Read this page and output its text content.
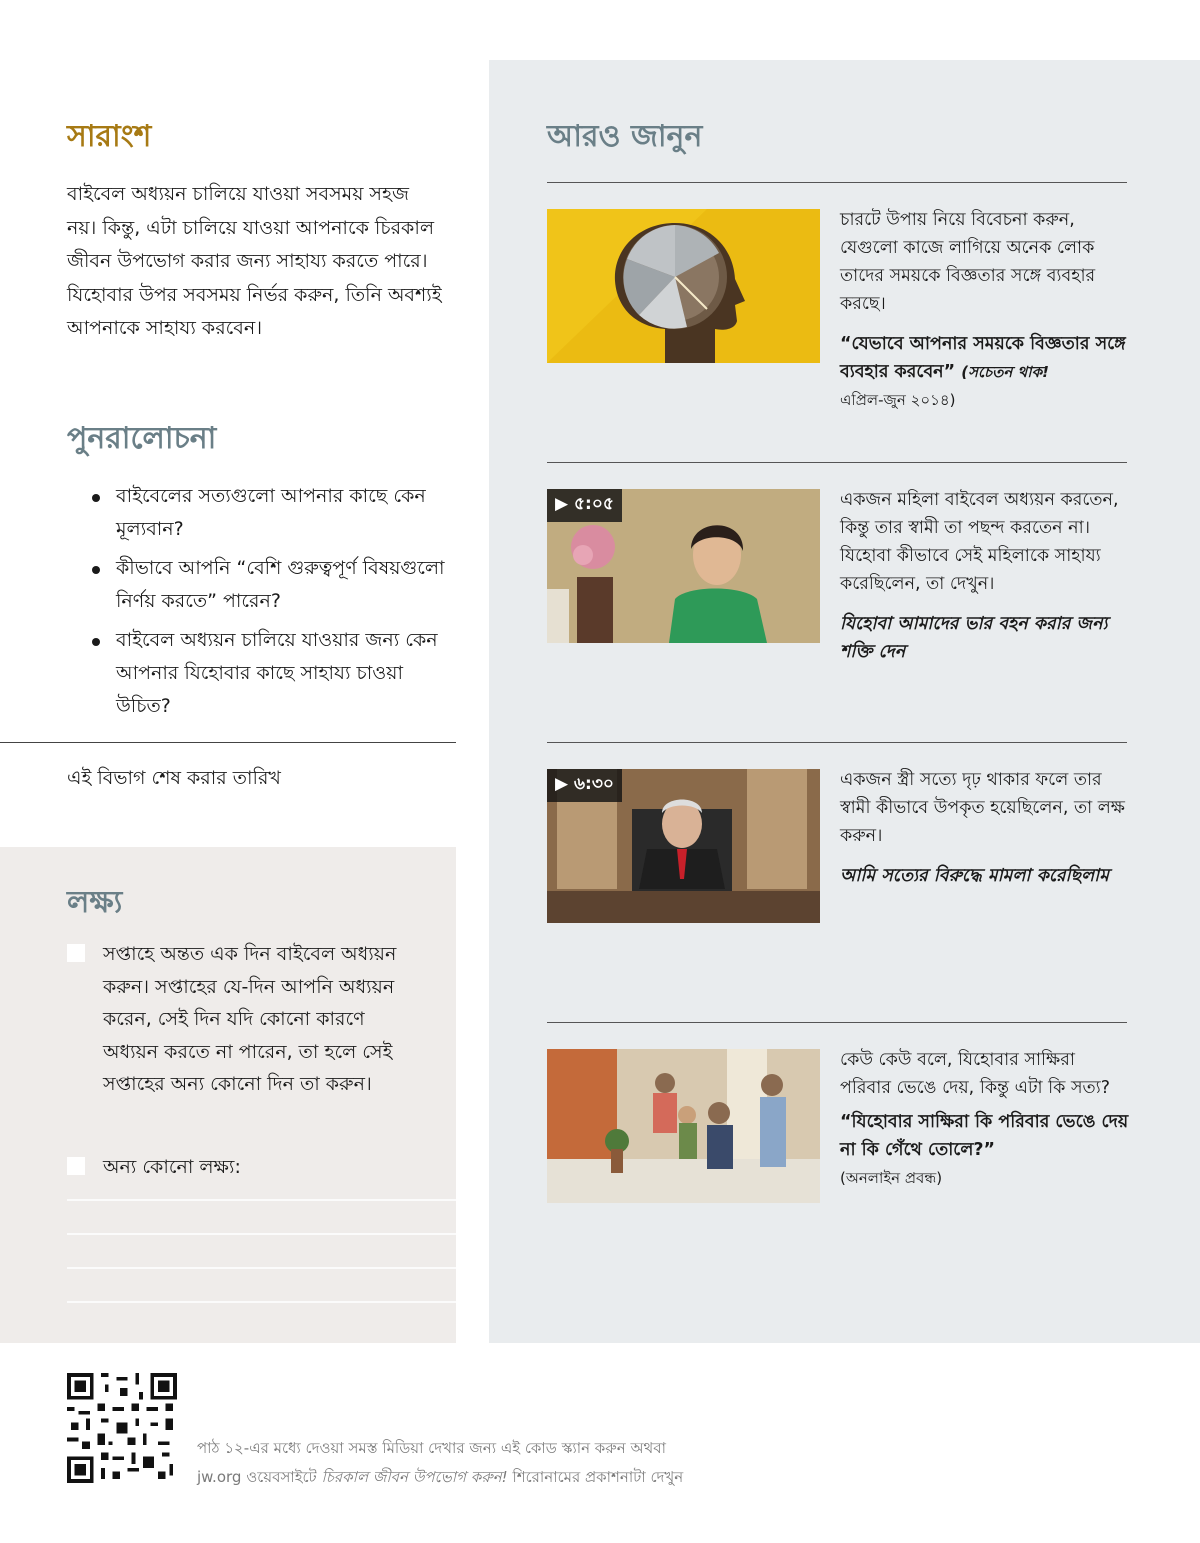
সারাংশ
বাইবেল অধ্যয়ন চালিয়ে যাওয়া সবসময় সহজ নয়। কিন্তু, এটা চালিয়ে যাওয়া আপনাকে চিরকাল জীবন উপভোগ করার জন্য সাহায্য করতে পারে। যিহোবার উপর সবসময় নির্ভর করুন, তিনি অবশ্যই আপনাকে সাহায্য করবেন।
পুনরালোচনা
বাইবেলের সত্যগুলো আপনার কাছে কেন মূল্যবান?
কীভাবে আপনি “বেশি গুরুত্বপূর্ণ বিষয়গুলো নির্ণয় করতে” পারেন?
বাইবেল অধ্যয়ন চালিয়ে যাওয়ার জন্য কেন আপনার যিহোবার কাছে সাহায্য চাওয়া উচিত?
এই বিভাগ শেষ করার তারিখ
লক্ষ্য
সপ্তাহে অন্তত এক দিন বাইবেল অধ্যয়ন করুন। সপ্তাহের যে-দিন আপনি অধ্যয়ন করেন, সেই দিন যদি কোনো কারণে অধ্যয়ন করতে না পারেন, তা হলে সেই সপ্তাহের অন্য কোনো দিন তা করুন।
অন্য কোনো লক্ষ্য:
আরও জানুন

চারটে উপায় নিয়ে বিবেচনা করুন, যেগুলো কাজে লাগিয়ে অনেক লোক তাদের সময়কে বিজ্ঞতার সঙ্গে ব্যবহার করছে।

“যেভাবে আপনার সময়কে বিজ্ঞতার সঙ্গে ব্যবহার করবেন” (সচেতন থাক!
এপ্রিল-জুন ২০১৪)
▶ ৫:০৫	একজন মহিলা বাইবেল অধ্যয়ন করতেন, কিন্তু তার স্বামী তা পছন্দ করতেন না। যিহোবা কীভাবে সেই মহিলাকে সাহায্য করেছিলেন, তা দেখুন।

যিহোবা আমাদের ভার বহন করার জন্য শক্তি দেন
▶ ৬:৩০	একজন স্ত্রী সত্যে দৃঢ় থাকার ফলে তার স্বামী কীভাবে উপকৃত হয়েছিলেন, তা লক্ষ করুন।

আমি সত্যের বিরুদ্ধে মামলা করেছিলাম

কেউ কেউ বলে, যিহোবার সাক্ষিরা পরিবার ভেঙে দেয়, কিন্তু এটা কি সত্য?

“যিহোবার সাক্ষিরা কি পরিবার ভেঙে দেয় না কি গেঁথে তোলে?”
(অনলাইন প্রবন্ধ)
পাঠ ১২-এর মধ্যে দেওয়া সমস্ত মিডিয়া দেখার জন্য এই কোড স্ক্যান করুন অথবা
jw.org ওয়েবসাইটে চিরকাল জীবন উপভোগ করুন! শিরোনামের প্রকাশনাটা দেখুন
